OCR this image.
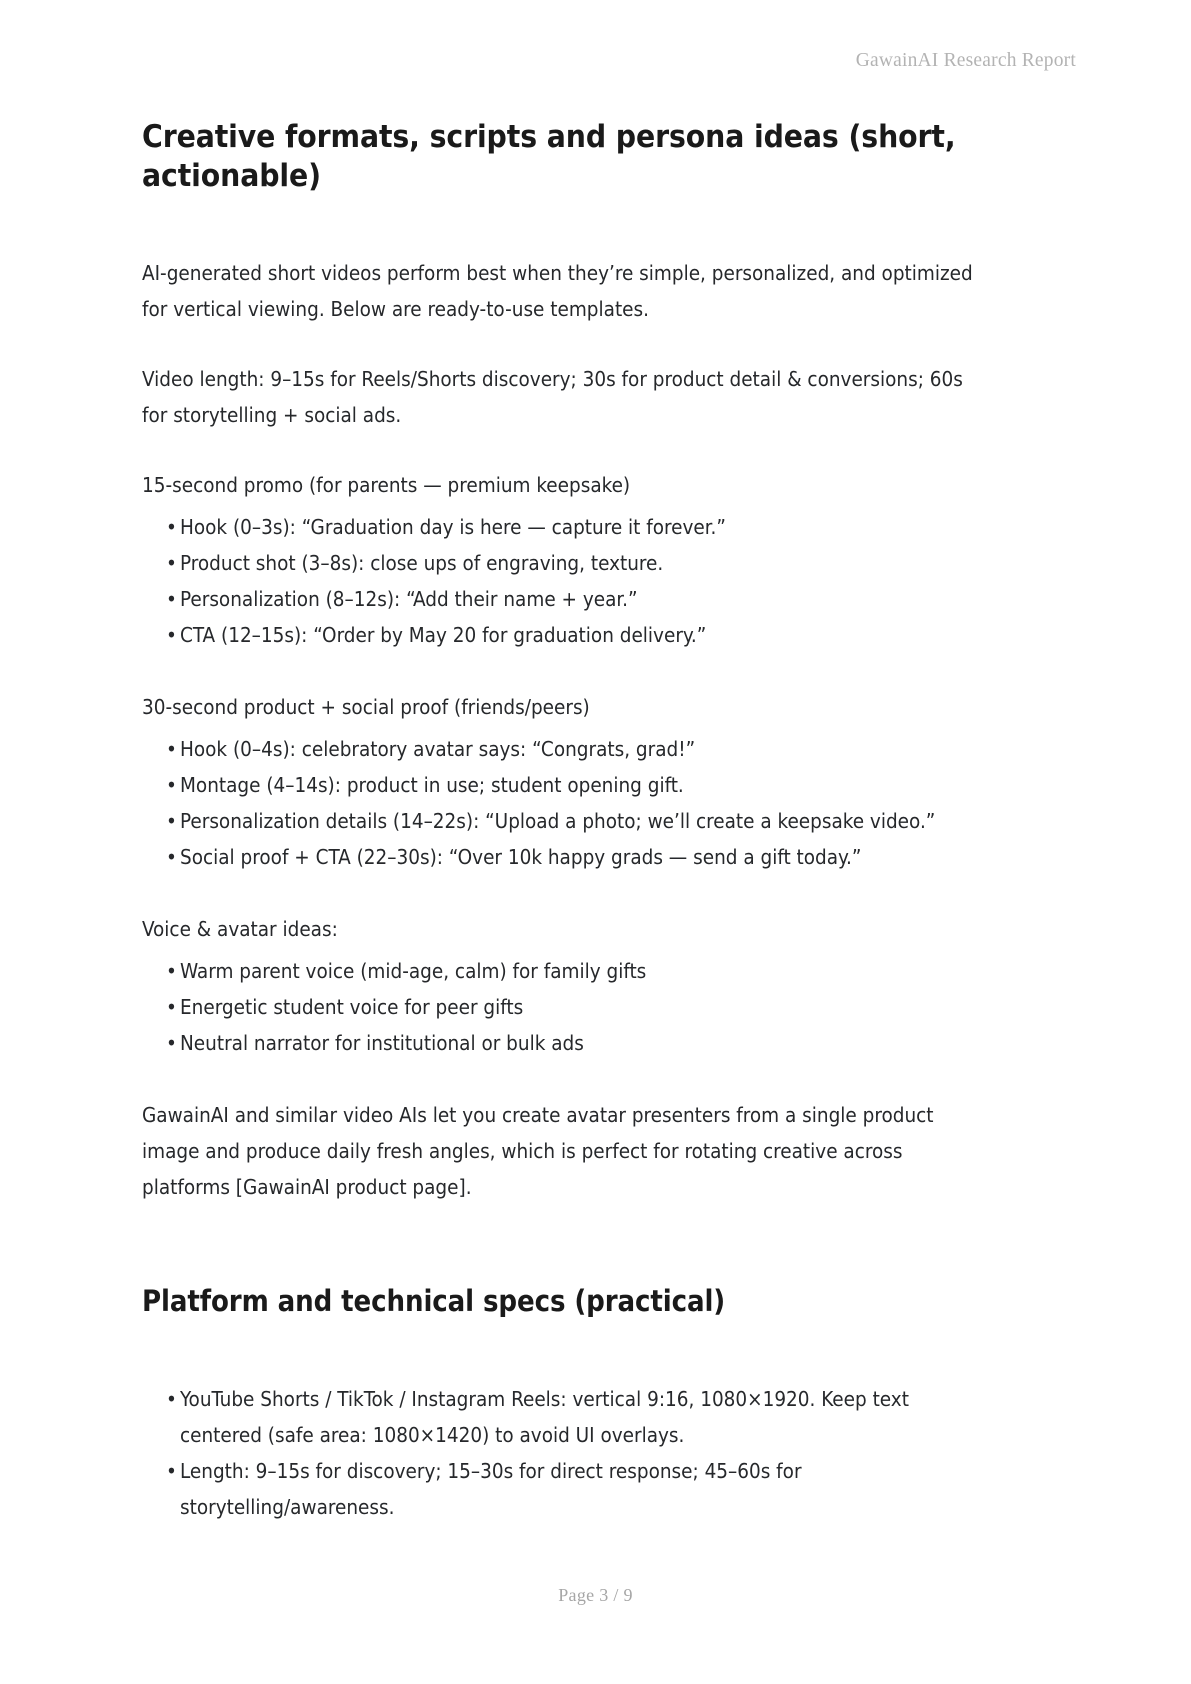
GawainAI Research Report
Creative formats, scripts and persona ideas (short, actionable)

AI-generated short videos perform best when they’re simple, personalized, and optimized for vertical viewing. Below are ready-to-use templates.

Video length: 9–15s for Reels/Shorts discovery; 30s for product detail & conversions; 60s for storytelling + social ads.

15-second promo (for parents — premium keepsake)

• Hook (0–3s): “Graduation day is here — capture it forever.”
• Product shot (3–8s): close ups of engraving, texture.
• Personalization (8–12s): “Add their name + year.”
• CTA (12–15s): “Order by May 20 for graduation delivery.”

30-second product + social proof (friends/peers)

• Hook (0–4s): celebratory avatar says: “Congrats, grad!”
• Montage (4–14s): product in use; student opening gift.
• Personalization details (14–22s): “Upload a photo; we’ll create a keepsake video.”
• Social proof + CTA (22–30s): “Over 10k happy grads — send a gift today.”

Voice & avatar ideas:

• Warm parent voice (mid-age, calm) for family gifts
• Energetic student voice for peer gifts
• Neutral narrator for institutional or bulk ads

GawainAI and similar video AIs let you create avatar presenters from a single product image and produce daily fresh angles, which is perfect for rotating creative across platforms [GawainAI product page].

Platform and technical specs (practical)
• YouTube Shorts / TikTok / Instagram Reels: vertical 9:16, 1080×1920. Keep text centered (safe area: 1080×1420) to avoid UI overlays.
• Length: 9–15s for discovery; 15–30s for direct response; 45–60s for storytelling/awareness.
Page 3 / 9
